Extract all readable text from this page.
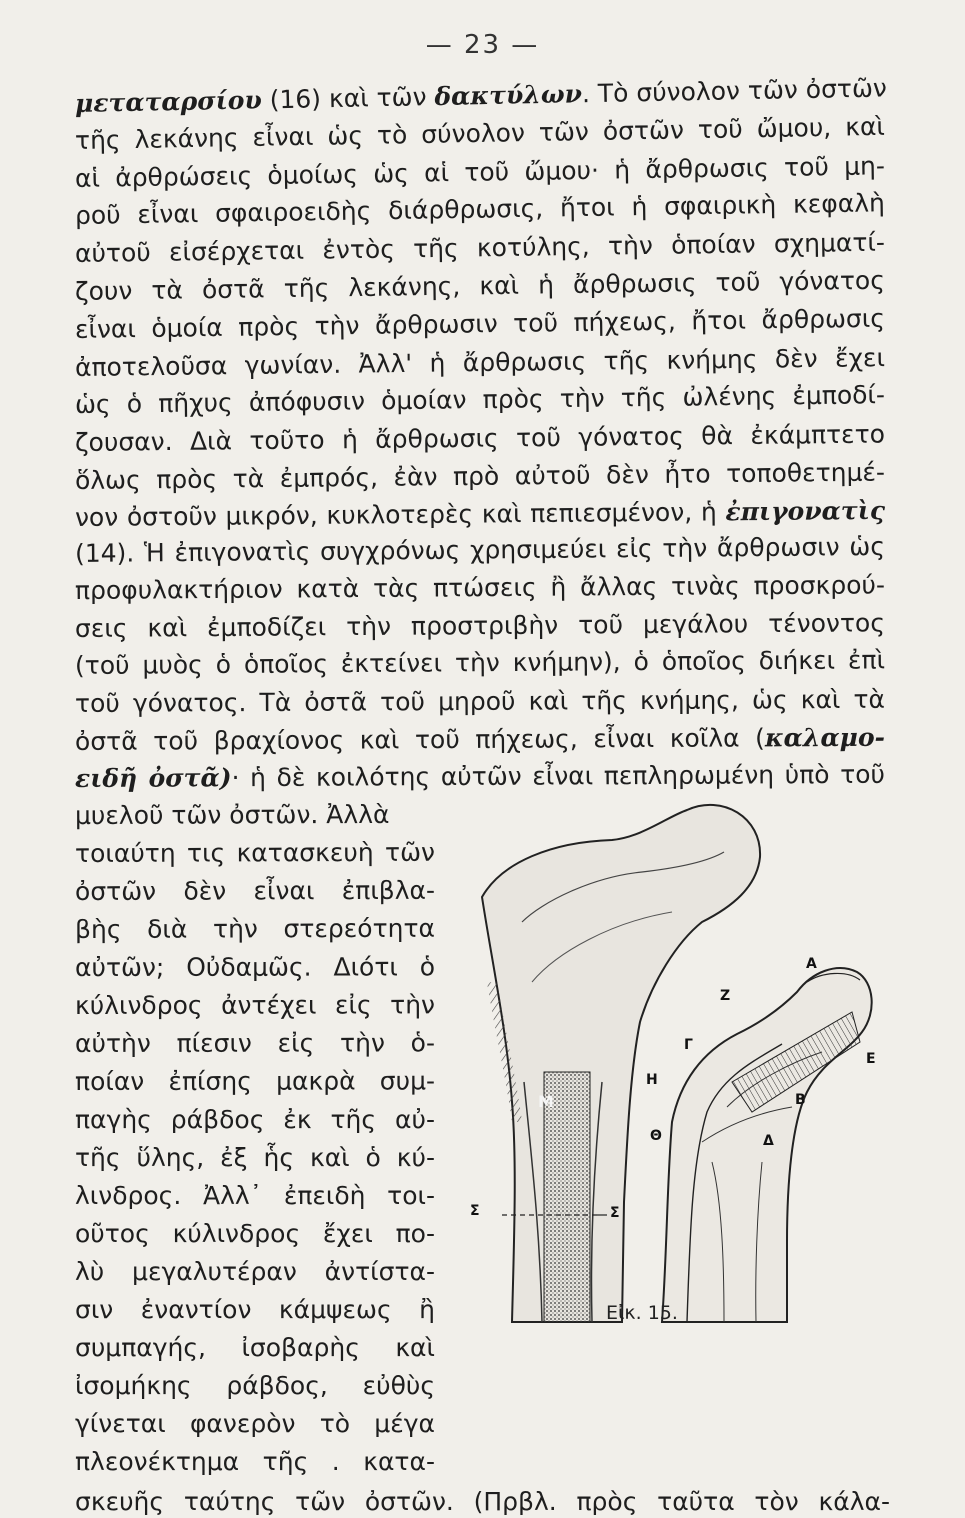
— 23 —
μεταταρσίου (16) καὶ τῶν δακτύλων. Τὸ σύνολον τῶν ὀστῶν
τῆς λεκάνης εἶναι ὡς τὸ σύνολον τῶν ὀστῶν τοῦ ὤμου, καὶ
αἱ ἀρθρώσεις ὁμοίως ὡς αἱ τοῦ ὤμου· ἡ ἄρθρωσις τοῦ μη-
ροῦ εἶναι σφαιροειδὴς διάρθρωσις, ἤτοι ἡ σφαιρικὴ κεφαλὴ
αὐτοῦ εἰσέρχεται ἐντὸς τῆς κοτύλης, τὴν ὁποίαν σχηματί-
ζουν τὰ ὀστᾶ τῆς λεκάνης, καὶ ἡ ἄρθρωσις τοῦ γόνατος
εἶναι ὁμοία πρὸς τὴν ἄρθρωσιν τοῦ πήχεως, ἤτοι ἄρθρωσις
ἀποτελοῦσα γωνίαν. Ἀλλ' ἡ ἄρθρωσις τῆς κνήμης δὲν ἔχει
ὡς ὁ πῆχυς ἀπόφυσιν ὁμοίαν πρὸς τὴν τῆς ὠλένης ἐμποδί-
ζουσαν. Διὰ τοῦτο ἡ ἄρθρωσις τοῦ γόνατος θὰ ἐκάμπτετο
ὅλως πρὸς τὰ ἐμπρός, ἐὰν πρὸ αὐτοῦ δὲν ἦτο τοποθετημέ-
νον ὀστοῦν μικρόν, κυκλοτερὲς καὶ πεπιεσμένον, ἡ ἐπιγονατὶς
(14). Ἡ ἐπιγονατὶς συγχρόνως χρησιμεύει εἰς τὴν ἄρθρωσιν ὡς
προφυλακτήριον κατὰ τὰς πτώσεις ἢ ἄλλας τινὰς προσκρού-
σεις καὶ ἐμποδίζει τὴν προστριβὴν τοῦ μεγάλου τένοντος
(τοῦ μυὸς ὁ ὁποῖος ἐκτείνει τὴν κνήμην), ὁ ὁποῖος διήκει ἐπὶ
τοῦ γόνατος. Τὰ ὀστᾶ τοῦ μηροῦ καὶ τῆς κνήμης, ὡς καὶ τὰ
ὀστᾶ τοῦ βραχίονος καὶ τοῦ πήχεως, εἶναι κοῖλα (καλαμο-
ειδῆ ὀστᾶ)· ἡ δὲ κοιλότης αὐτῶν εἶναι πεπληρωμένη ὑπὸ τοῦ
μυελοῦ τῶν ὀστῶν. Ἀλλὰ
τοιαύτη τις κατασκευὴ τῶν
ὀστῶν δὲν εἶναι ἐπιβλα-
βὴς διὰ τὴν στερεότητα
αὐτῶν; Οὐδαμῶς. Διότι ὁ
κύλινδρος ἀντέχει εἰς τὴν
αὐτὴν πίεσιν εἰς τὴν ὁ-
ποίαν ἐπίσης μακρὰ συμ-
παγὴς ράβδος ἐκ τῆς αὐ-
τῆς ὕλης, ἐξ ἧς καὶ ὁ κύ-
λινδρος. Ἀλλ᾽ ἐπειδὴ τοι-
οῦτος κύλινδρος ἔχει πο-
λὺ μεγαλυτέραν ἀντίστα-
σιν ἐναντίον κάμψεως ἢ
συμπαγής, ἰσοβαρὴς καὶ
ἰσομήκης ράβδος, εὐθὺς
γίνεται φανερὸν τὸ μέγα
πλεονέκτημα τῆς . κατα-
σκευῆς ταύτης τῶν ὀστῶν. (Πρβλ. πρὸς ταῦτα τὸν κάλα-
A
Z
Γ
E
H
B
M
Θ	Δ
Σ	Σ
Εἰκ. 15.
